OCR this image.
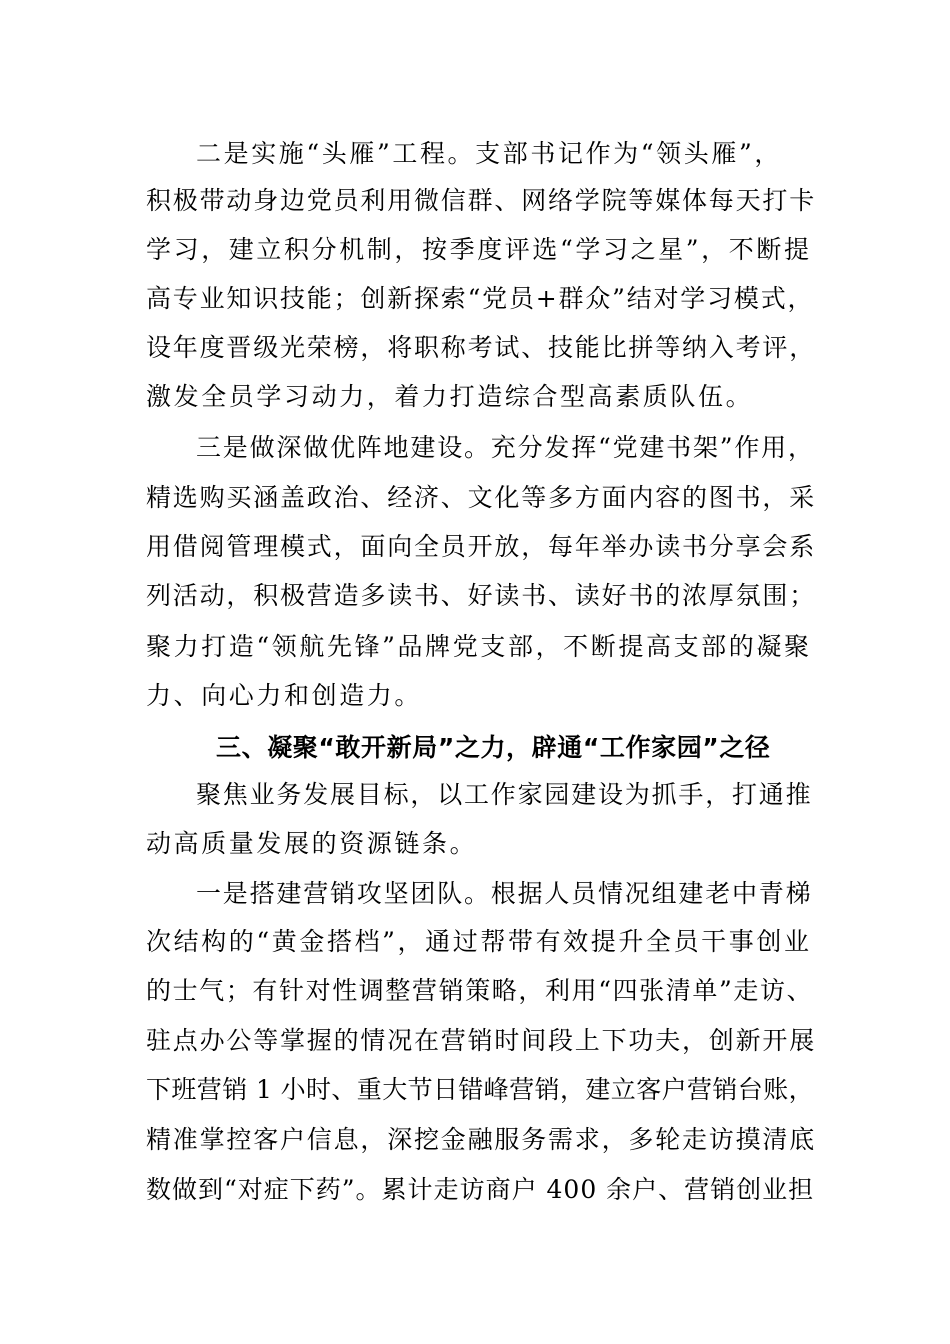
二是实施“头雁”工程。支部书记作为“领头雁”，
积极带动身边党员利用微信群、网络学院等媒体每天打卡
学习，建立积分机制，按季度评选“学习之星”，不断提
高专业知识技能；创新探索“党员+群众”结对学习模式，
设年度晋级光荣榜，将职称考试、技能比拼等纳入考评，
激发全员学习动力，着力打造综合型高素质队伍。
三是做深做优阵地建设。充分发挥“党建书架”作用，
精选购买涵盖政治、经济、文化等多方面内容的图书，采
用借阅管理模式，面向全员开放，每年举办读书分享会系
列活动，积极营造多读书、好读书、读好书的浓厚氛围；
聚力打造“领航先锋”品牌党支部，不断提高支部的凝聚
力、向心力和创造力。
三、凝聚“敢开新局”之力，辟通“工作家园”之径
聚焦业务发展目标，以工作家园建设为抓手，打通推
动高质量发展的资源链条。
一是搭建营销攻坚团队。根据人员情况组建老中青梯
次结构的“黄金搭档”，通过帮带有效提升全员干事创业
的士气；有针对性调整营销策略，利用“四张清单”走访、
驻点办公等掌握的情况在营销时间段上下功夫，创新开展
下班营销 1 小时、重大节日错峰营销，建立客户营销台账，
精准掌控客户信息，深挖金融服务需求，多轮走访摸清底
数做到“对症下药”。累计走访商户 400 余户、营销创业担
